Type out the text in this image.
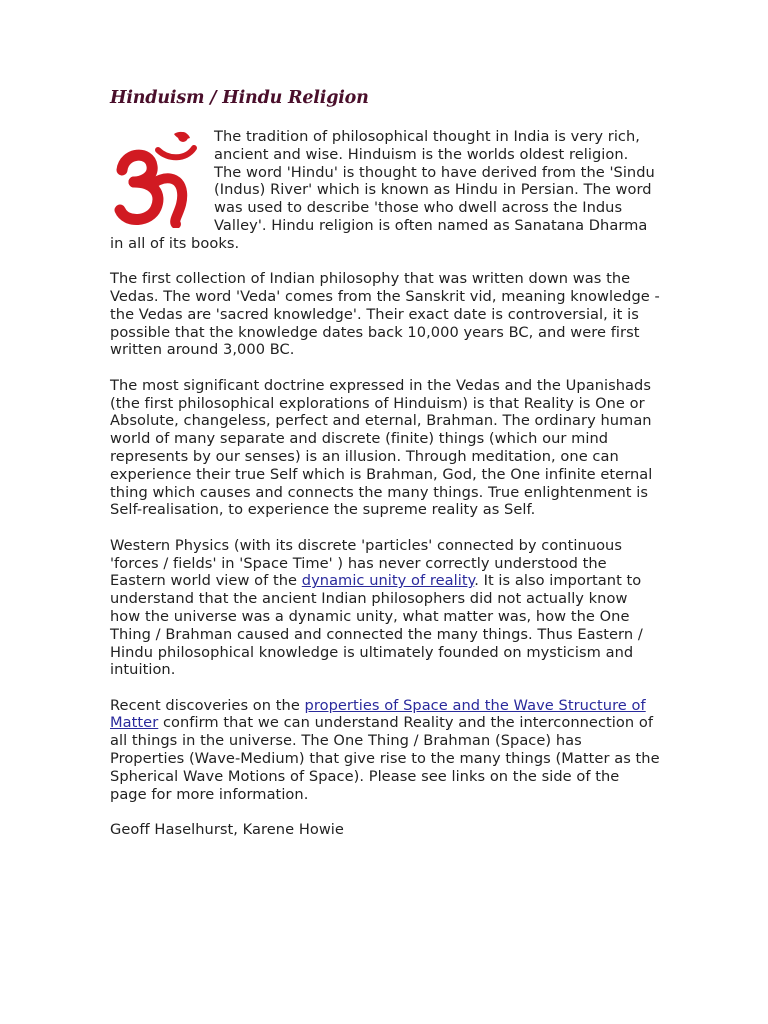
Hinduism / Hindu Religion
The tradition of philosophical thought in India is very rich, ancient and wise. Hinduism is the worlds oldest religion. The word 'Hindu' is thought to have derived from the 'Sindu (Indus) River' which is known as Hindu in Persian. The word was used to describe 'those who dwell across the Indus Valley'. Hindu religion is often named as Sanatana Dharma in all of its books.

The first collection of Indian philosophy that was written down was the Vedas. The word 'Veda' comes from the Sanskrit vid, meaning knowledge - the Vedas are 'sacred knowledge'. Their exact date is controversial, it is possible that the knowledge dates back 10,000 years BC, and were first written around 3,000 BC.

The most significant doctrine expressed in the Vedas and the Upanishads (the first philosophical explorations of Hinduism) is that Reality is One or Absolute, changeless, perfect and eternal, Brahman. The ordinary human world of many separate and discrete (finite) things (which our mind represents by our senses) is an illusion. Through meditation, one can experience their true Self which is Brahman, God, the One infinite eternal thing which causes and connects the many things. True enlightenment is Self-realisation, to experience the supreme reality as Self.

Western Physics (with its discrete 'particles' connected by continuous 'forces / fields' in 'Space Time' ) has never correctly understood the Eastern world view of the dynamic unity of reality. It is also important to understand that the ancient Indian philosophers did not actually know how the universe was a dynamic unity, what matter was, how the One Thing / Brahman caused and connected the many things. Thus Eastern / Hindu philosophical knowledge is ultimately founded on mysticism and intuition.

Recent discoveries on the properties of Space and the Wave Structure of Matter confirm that we can understand Reality and the interconnection of all things in the universe. The One Thing / Brahman (Space) has Properties (Wave-Medium) that give rise to the many things (Matter as the Spherical Wave Motions of Space). Please see links on the side of the page for more information.

Geoff Haselhurst, Karene Howie
